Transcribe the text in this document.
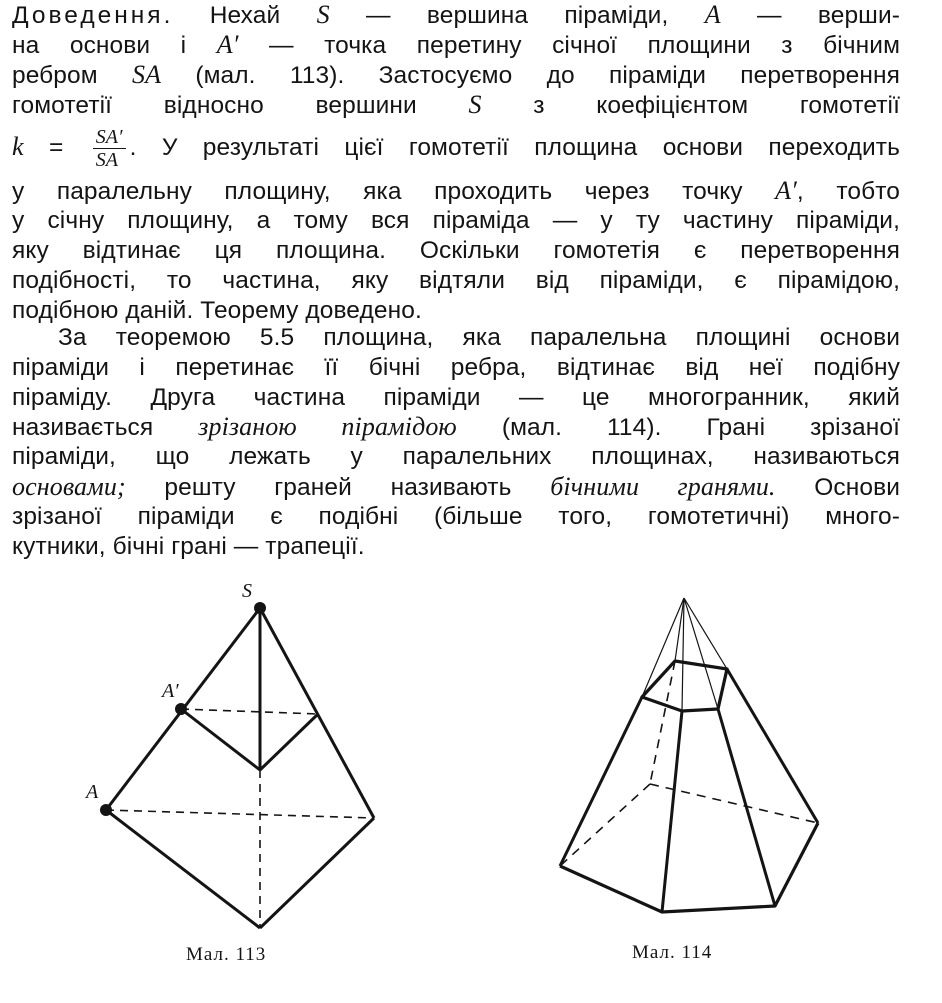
Доведення. Нехай S — вершина піраміди, A — верши-
на основи і A′ — точка перетину січної площини з бічним
ребром SA (мал. 113). Застосуємо до піраміди перетворення
гомотетії відносно вершини S з коефіцієнтом гомотетії
$k = \frac{SA'}{SA}$ . У результаті цієї гомотетії площина основи переходить
у паралельну площину, яка проходить через точку A′, тобто
у січну площину, а тому вся піраміда — у ту частину піраміди,
яку відтинає ця площина. Оскільки гомотетія є перетворення
подібності, то частина, яку відтяли від піраміди, є пірамідою,
подібною даній. Теорему доведено.
За теоремою 5.5 площина, яка паралельна площині основи
піраміди і перетинає її бічні ребра, відтинає від неї подібну
піраміду. Друга частина піраміди — це многогранник, який
називається зрізаною пірамідою (мал. 114). Грані зрізаної
піраміди, що лежать у паралельних площинах, називаються
основами; решту граней називають бічними гранями. Основи
зрізаної піраміди є подібні (більше того, гомотетичні) много-
кутники, бічні грані — трапеції.
S
A′
A
Мал. 113	Мал. 114
